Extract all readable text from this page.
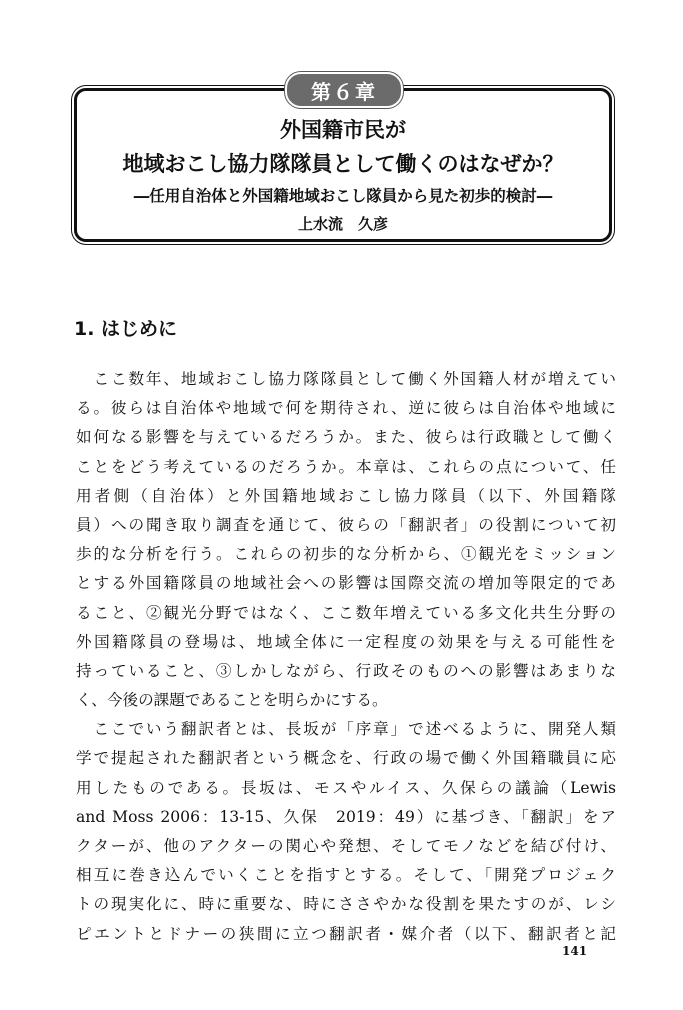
第６章
外国籍市民が
地域おこし協力隊隊員として働くのはなぜか？
―任用自治体と外国籍地域おこし隊員から見た初歩的検討―
上水流　久彦
1. はじめに
　ここ数年、地域おこし協力隊隊員として働く外国籍人材が増えてい
る。彼らは自治体や地域で何を期待され、逆に彼らは自治体や地域に
如何なる影響を与えているだろうか。また、彼らは行政職として働く
ことをどう考えているのだろうか。本章は、これらの点について、任
用者側（自治体）と外国籍地域おこし協力隊員（以下、外国籍隊
員）への聞き取り調査を通じて、彼らの「翻訳者」の役割について初
歩的な分析を行う。これらの初歩的な分析から、①観光をミッション
とする外国籍隊員の地域社会への影響は国際交流の増加等限定的であ
ること、②観光分野ではなく、ここ数年増えている多文化共生分野の
外国籍隊員の登場は、地域全体に一定程度の効果を与える可能性を
持っていること、③しかしながら、行政そのものへの影響はあまりな
く、今後の課題であることを明らかにする。
　ここでいう翻訳者とは、長坂が「序章」で述べるように、開発人類
学で提起された翻訳者という概念を、行政の場で働く外国籍職員に応
用したものである。長坂は、モスやルイス、久保らの議論（Lewis
and Moss 2006：13-15、久保　2019：49）に基づき、「翻訳」をア
クターが、他のアクターの関心や発想、そしてモノなどを結び付け、
相互に巻き込んでいくことを指すとする。そして、「開発プロジェク
トの現実化に、時に重要な、時にささやかな役割を果たすのが、レシ
ピエントとドナーの狭間に立つ翻訳者・媒介者（以下、翻訳者と記
141
